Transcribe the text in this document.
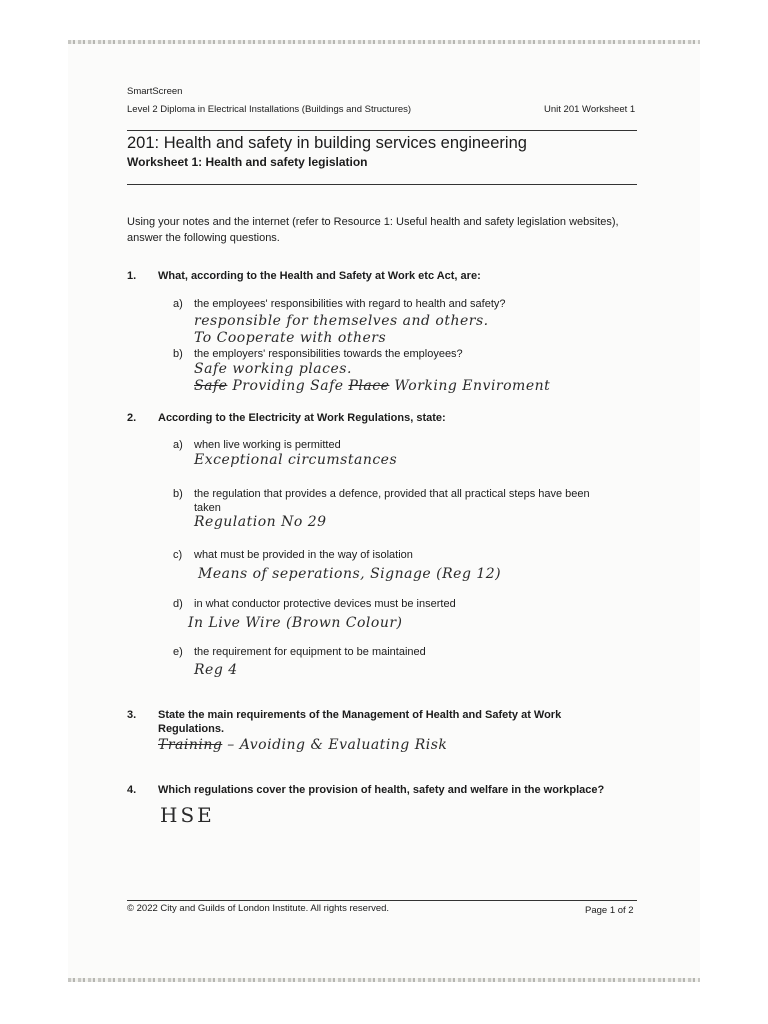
SmartScreen
Level 2 Diploma in Electrical Installations (Buildings and Structures)	Unit 201 Worksheet 1
201: Health and safety in building services engineering
Worksheet 1: Health and safety legislation
Using your notes and the internet (refer to Resource 1: Useful health and safety legislation websites), answer the following questions.
1. What, according to the Health and Safety at Work etc Act, are:
a) the employees' responsibilities with regard to health and safety?
responsible for themselves and others.
To Cooperate with others
b) the employers' responsibilities towards the employees?
Safe working places.
Safe Providing Safe Place Working Enviroment
2. According to the Electricity at Work Regulations, state:
a) when live working is permitted
Exceptional circumstances
b) the regulation that provides a defence, provided that all practical steps have been
taken
Regulation No 29
c) what must be provided in the way of isolation
Means of seperations, Signage (Reg 12)
d) in what conductor protective devices must be inserted
In Live Wire (Brown Colour)
e) the requirement for equipment to be maintained
Reg 4
3. State the main requirements of the Management of Health and Safety at Work
Regulations.
Training – Avoiding & Evaluating Risk
4. Which regulations cover the provision of health, safety and welfare in the workplace?
HSE
© 2022 City and Guilds of London Institute. All rights reserved.	Page 1 of 2
